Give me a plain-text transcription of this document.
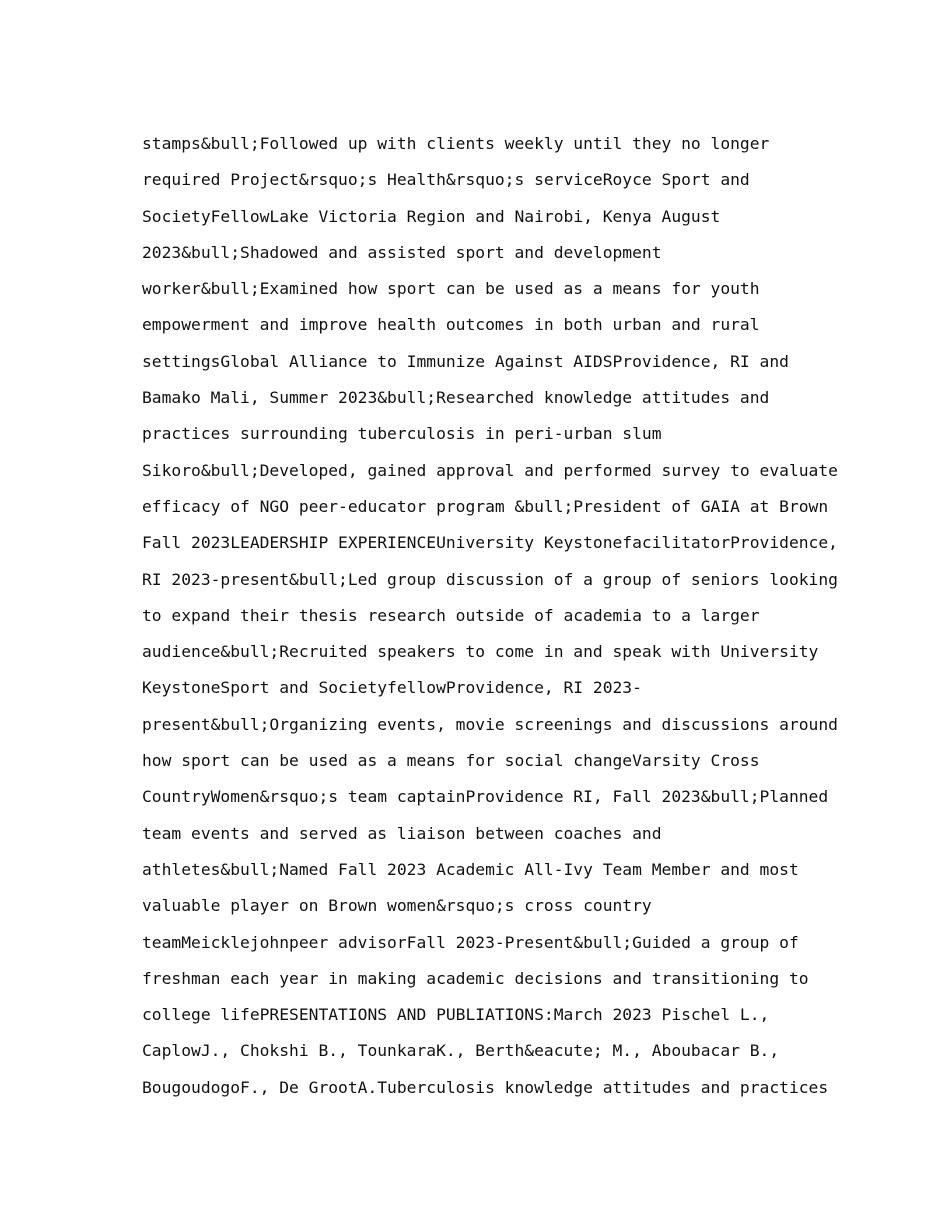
stamps&bull;Followed up with clients weekly until they no longer
required Project&rsquo;s Health&rsquo;s serviceRoyce Sport and
SocietyFellowLake Victoria Region and Nairobi, Kenya August
2023&bull;Shadowed and assisted sport and development
worker&bull;Examined how sport can be used as a means for youth
empowerment and improve health outcomes in both urban and rural
settingsGlobal Alliance to Immunize Against AIDSProvidence, RI and
Bamako Mali, Summer 2023&bull;Researched knowledge attitudes and
practices surrounding tuberculosis in peri-urban slum
Sikoro&bull;Developed, gained approval and performed survey to evaluate
efficacy of NGO peer-educator program &bull;President of GAIA at Brown
Fall 2023LEADERSHIP EXPERIENCEUniversity KeystonefacilitatorProvidence,
RI 2023-present&bull;Led group discussion of a group of seniors looking
to expand their thesis research outside of academia to a larger
audience&bull;Recruited speakers to come in and speak with University
KeystoneSport and SocietyfellowProvidence, RI 2023-
present&bull;Organizing events, movie screenings and discussions around
how sport can be used as a means for social changeVarsity Cross
CountryWomen&rsquo;s team captainProvidence RI, Fall 2023&bull;Planned
team events and served as liaison between coaches and
athletes&bull;Named Fall 2023 Academic All-Ivy Team Member and most
valuable player on Brown women&rsquo;s cross country
teamMeicklejohnpeer advisorFall 2023-Present&bull;Guided a group of
freshman each year in making academic decisions and transitioning to
college lifePRESENTATIONS AND PUBLIATIONS:March 2023 Pischel L.,
CaplowJ., Chokshi B., TounkaraK., Berth&eacute; M., Aboubacar B.,
BougoudogoF., De GrootA.Tuberculosis knowledge attitudes and practices
